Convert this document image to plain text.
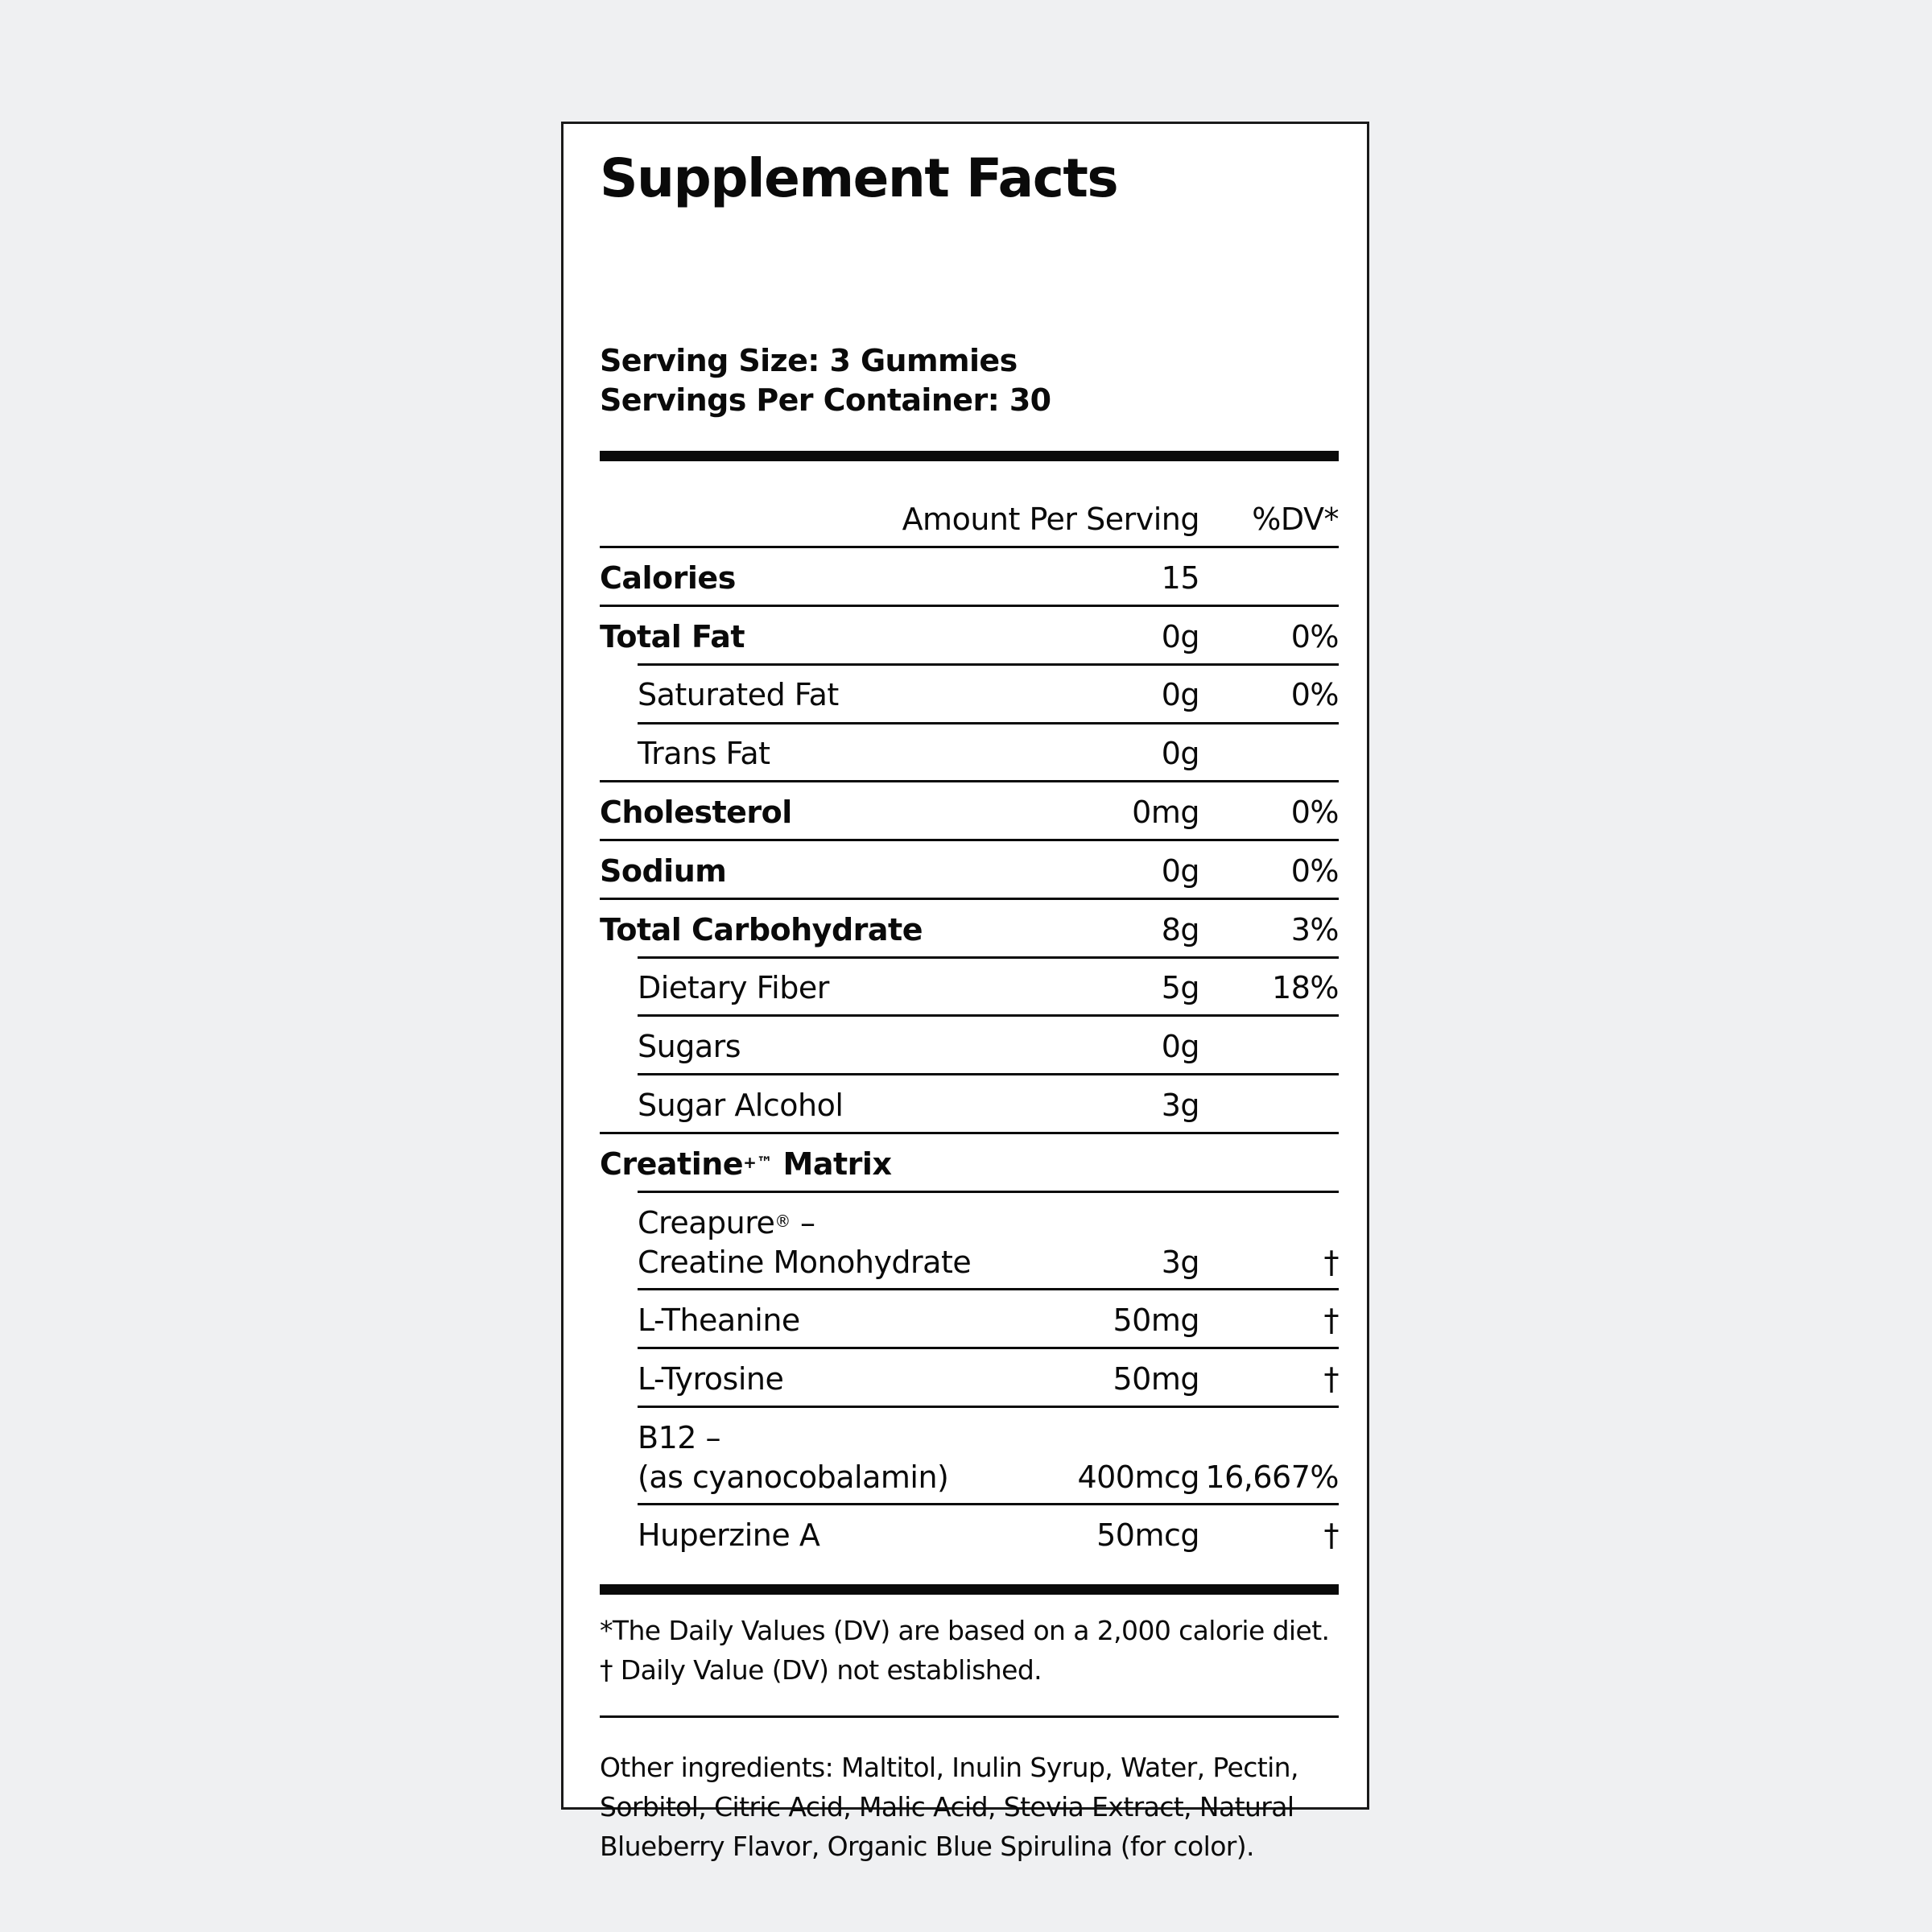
Supplement Facts
Serving Size: 3 Gummies
Servings Per Container: 30
Amount Per Serving %DV*
Calories	15
Total Fat	0g	0%
Saturated Fat	0g	0%
Trans Fat	0g
Cholesterol	0mg	0%
Sodium	0g	0%
Total Carbohydrate	8g	3%
Dietary Fiber	5g 18%
Sugars	0g
Sugar Alcohol	3g
Creatine+™ Matrix
Creapure® –
Creatine Monohydrate	3g	†
L-Theanine	50mg	†
L-Tyrosine	50mg	†
B12 –
(as cyanocobalamin)	400mcg 16,667%
Huperzine A	50mcg	†
*The Daily Values (DV) are based on a 2,000 calorie diet.
† Daily Value (DV) not established.
Other ingredients: Maltitol, Inulin Syrup, Water, Pectin,
Sorbitol, Citric Acid, Malic Acid, Stevia Extract, Natural
Blueberry Flavor, Organic Blue Spirulina (for color).
